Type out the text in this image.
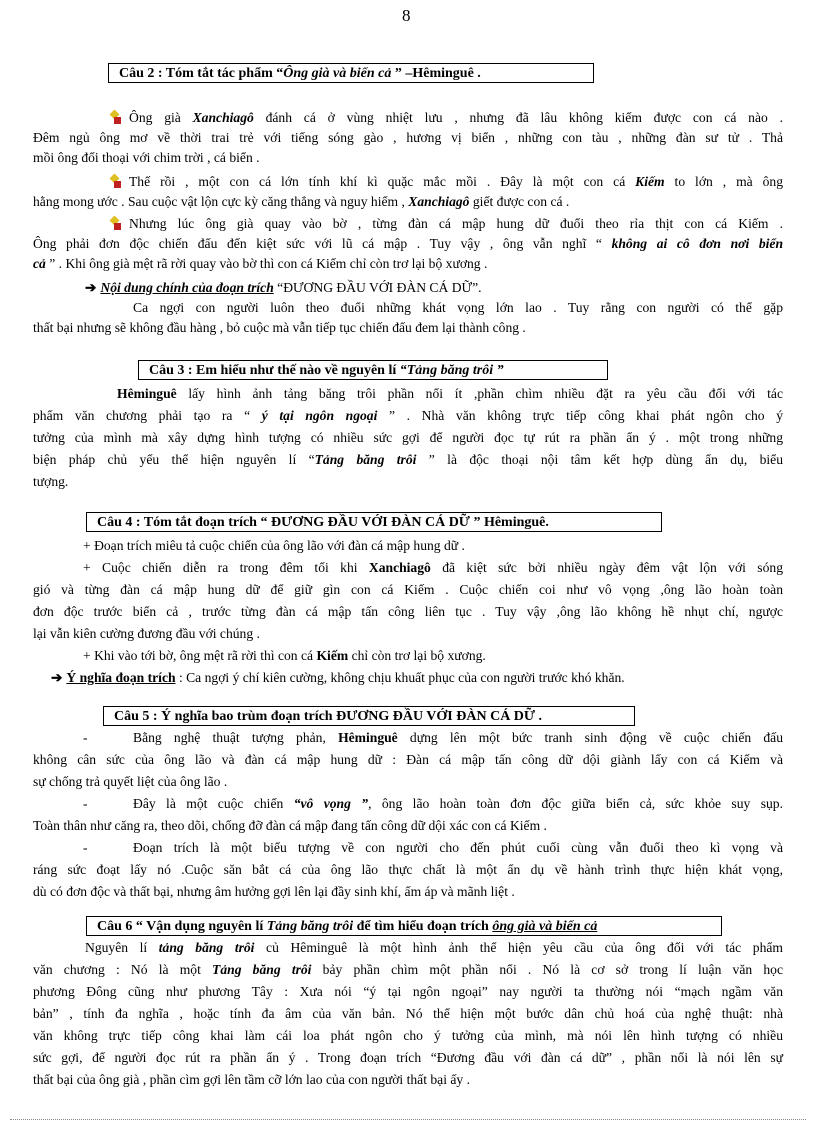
8
Câu 2 : Tóm tắt tác phẩm “Ông già và biển cả ” –Hêminguê .
Ông già Xanchiagô đánh cá ở vùng nhiệt lưu , nhưng đã lâu không kiếm được con cá nào .
Đêm ngủ ông mơ về thời trai trẻ với tiếng sóng gào , hương vị biển , những con tàu , những đàn sư tử . Thả
mồi ông đối thoại với chim trời , cá biển .
Thế rồi , một con cá lớn tính khí kì quặc mắc mồi . Đây là một con cá Kiếm to lớn , mà ông
hằng mong ước . Sau cuộc vật lộn cực kỳ căng thẳng và nguy hiểm , Xanchiagô giết được con cá .
Nhưng lúc ông già quay vào bờ , từng đàn cá mập hung dữ đuổi theo rỉa thịt con cá Kiếm .
Ông phải đơn độc chiến đấu đến kiệt sức với lũ cá mập . Tuy vậy , ông vẫn nghĩ “ không ai cô đơn nơi biển
cả ” . Khi ông già mệt rã rời quay vào bờ thì con cá Kiếm chỉ còn trơ lại bộ xương .
➔ Nội dung chính của đoạn trích “ĐƯƠNG ĐẦU VỚI ĐÀN CÁ DỮ”.
Ca ngợi con người luôn theo đuổi những khát vọng lớn lao . Tuy rằng con người có thể gặp
thất bại nhưng sẽ không đầu hàng , bỏ cuộc mà vẫn tiếp tục chiến đấu đem lại thành công .
Câu 3 : Em hiểu như thế nào về nguyên lí “Tảng băng trôi ”
Hêminguê lấy hình ảnh tảng băng trôi phần nổi ít ,phần chìm nhiều đặt ra yêu cầu đối với tác
phẩm văn chương phải tạo ra “ ý tại ngôn ngoại ” . Nhà văn không trực tiếp công khai phát ngôn cho ý
tưởng của mình mà xây dựng hình tượng có nhiều sức gợi để người đọc tự rút ra phần ẩn ý . một trong những
biện pháp chủ yếu thể hiện nguyên lí “Tảng băng trôi ” là độc thoại nội tâm kết hợp dùng ẩn dụ, biểu
tượng.
Câu 4 : Tóm tắt đoạn trích “ ĐƯƠNG ĐẦU VỚI ĐÀN CÁ DỮ ” Hêminguê.
+ Đoạn trích miêu tả cuộc chiến của ông lão với đàn cá mập hung dữ .
+ Cuộc chiến diễn ra trong đêm tối khi Xanchiagô đã kiệt sức bởi nhiều ngày đêm vật lộn với sóng
gió và từng đàn cá mập hung dữ để giữ gìn con cá Kiếm . Cuộc chiến coi như vô vọng ,ông lão hoàn toàn
đơn độc trước biển cả , trước từng đàn cá mập tấn công liên tục . Tuy vậy ,ông lão không hề nhụt chí, ngược
lại vẫn kiên cường đương đầu với chúng .
+ Khi vào tới bờ, ông mệt rã rời thì con cá Kiếm chỉ còn trơ lại bộ xương.
➔ Ý nghĩa đoạn trích : Ca ngợi ý chí kiên cường, không chịu khuất phục của con người trước khó khăn.
Câu 5 : Ý nghĩa bao trùm đoạn trích ĐƯƠNG ĐẦU VỚI ĐÀN CÁ DỮ .
-	Bằng nghệ thuật tượng phản, Hêminguê dựng lên một bức tranh sinh động về cuộc chiến đấu
không cân sức của ông lão và đàn cá mập hung dữ : Đàn cá mập tấn công dữ dội giành lấy con cá Kiếm và
sự chống trả quyết liệt của ông lão .
-	Đây là một cuộc chiến “vô vọng ”, ông lão hoàn toàn đơn độc giữa biển cả, sức khỏe suy sụp.
Toàn thân như căng ra, theo dõi, chống đỡ đàn cá mập đang tấn công dữ dội xác con cá Kiếm .
-	Đoạn trích là một biểu tượng về con người cho đến phút cuối cùng vẫn đuổi theo kì vọng và
ráng sức đoạt lấy nó .Cuộc săn bắt cá của ông lão thực chất là một ẩn dụ về hành trình thực hiện khát vọng,
dù có đơn độc và thất bại, nhưng âm hưởng gợi lên lại đầy sinh khí, ấm áp và mãnh liệt .
Câu 6 “ Vận dụng nguyên lí Tảng băng trôi để tìm hiểu đoạn trích ông già và biển cả
Nguyên lí tảng băng trôi củ Hêminguê là một hình ảnh thể hiện yêu cầu của ông đối với tác phẩm
văn chương : Nó là một Tảng băng trôi bảy phần chìm một phần nổi . Nó là cơ sở trong lí luận văn học
phương Đông cũng như phương Tây : Xưa nói “ý tại ngôn ngoại” nay người ta thường nói “mạch ngầm văn
bản” , tính đa nghĩa , hoặc tính đa âm của văn bản. Nó thể hiện một bước dân chủ hoá của nghệ thuật: nhà
văn không trực tiếp công khai làm cái loa phát ngôn cho ý tưởng của mình, mà nói lên hình tượng có nhiều
sức gợi, để người đọc rút ra phần ẩn ý . Trong đoạn trích “Đương đầu với đàn cá dữ” , phần nổi là nói lên sự
thất bại của ông già , phần cìm gợi lên tầm cỡ lớn lao của con người thất bại ấy .
